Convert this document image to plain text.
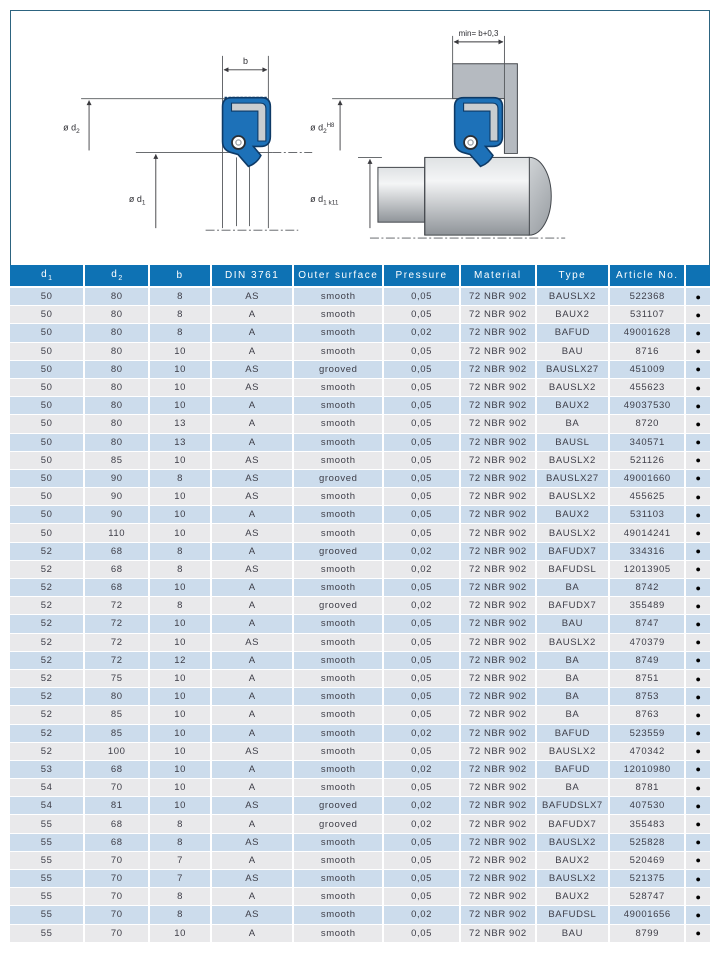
b
ø $d_2$
ø $d_1$
min= b+0,3
ø $d_2^{H8}$
ø $d_{1 k11}$
$d_1$	$d_2$	b	DIN 3761	Outer surface	Pressure	Material	Type	Article No.	
50	80	8	AS	smooth	0,05	72 NBR 902	BAUSLX2	522368	●
50	80	8	A	smooth	0,05	72 NBR 902	BAUX2	531107	●
50	80	8	A	smooth	0,02	72 NBR 902	BAFUD	49001628	●
50	80	10	A	smooth	0,05	72 NBR 902	BAU	8716	●
50	80	10	AS	grooved	0,05	72 NBR 902	BAUSLX27	451009	●
50	80	10	AS	smooth	0,05	72 NBR 902	BAUSLX2	455623	●
50	80	10	A	smooth	0,05	72 NBR 902	BAUX2	49037530	●
50	80	13	A	smooth	0,05	72 NBR 902	BA	8720	●
50	80	13	A	smooth	0,05	72 NBR 902	BAUSL	340571	●
50	85	10	AS	smooth	0,05	72 NBR 902	BAUSLX2	521126	●
50	90	8	AS	grooved	0,05	72 NBR 902	BAUSLX27	49001660	●
50	90	10	AS	smooth	0,05	72 NBR 902	BAUSLX2	455625	●
50	90	10	A	smooth	0,05	72 NBR 902	BAUX2	531103	●
50	110	10	AS	smooth	0,05	72 NBR 902	BAUSLX2	49014241	●
52	68	8	A	grooved	0,02	72 NBR 902	BAFUDX7	334316	●
52	68	8	AS	smooth	0,02	72 NBR 902	BAFUDSL	12013905	●
52	68	10	A	smooth	0,05	72 NBR 902	BA	8742	●
52	72	8	A	grooved	0,02	72 NBR 902	BAFUDX7	355489	●
52	72	10	A	smooth	0,05	72 NBR 902	BAU	8747	●
52	72	10	AS	smooth	0,05	72 NBR 902	BAUSLX2	470379	●
52	72	12	A	smooth	0,05	72 NBR 902	BA	8749	●
52	75	10	A	smooth	0,05	72 NBR 902	BA	8751	●
52	80	10	A	smooth	0,05	72 NBR 902	BA	8753	●
52	85	10	A	smooth	0,05	72 NBR 902	BA	8763	●
52	85	10	A	smooth	0,02	72 NBR 902	BAFUD	523559	●
52	100	10	AS	smooth	0,05	72 NBR 902	BAUSLX2	470342	●
53	68	10	A	smooth	0,02	72 NBR 902	BAFUD	12010980	●
54	70	10	A	smooth	0,05	72 NBR 902	BA	8781	●
54	81	10	AS	grooved	0,02	72 NBR 902	BAFUDSLX7	407530	●
55	68	8	A	grooved	0,02	72 NBR 902	BAFUDX7	355483	●
55	68	8	AS	smooth	0,05	72 NBR 902	BAUSLX2	525828	●
55	70	7	A	smooth	0,05	72 NBR 902	BAUX2	520469	●
55	70	7	AS	smooth	0,05	72 NBR 902	BAUSLX2	521375	●
55	70	8	A	smooth	0,05	72 NBR 902	BAUX2	528747	●
55	70	8	AS	smooth	0,02	72 NBR 902	BAFUDSL	49001656	●
55	70	10	A	smooth	0,05	72 NBR 902	BAU	8799	●
